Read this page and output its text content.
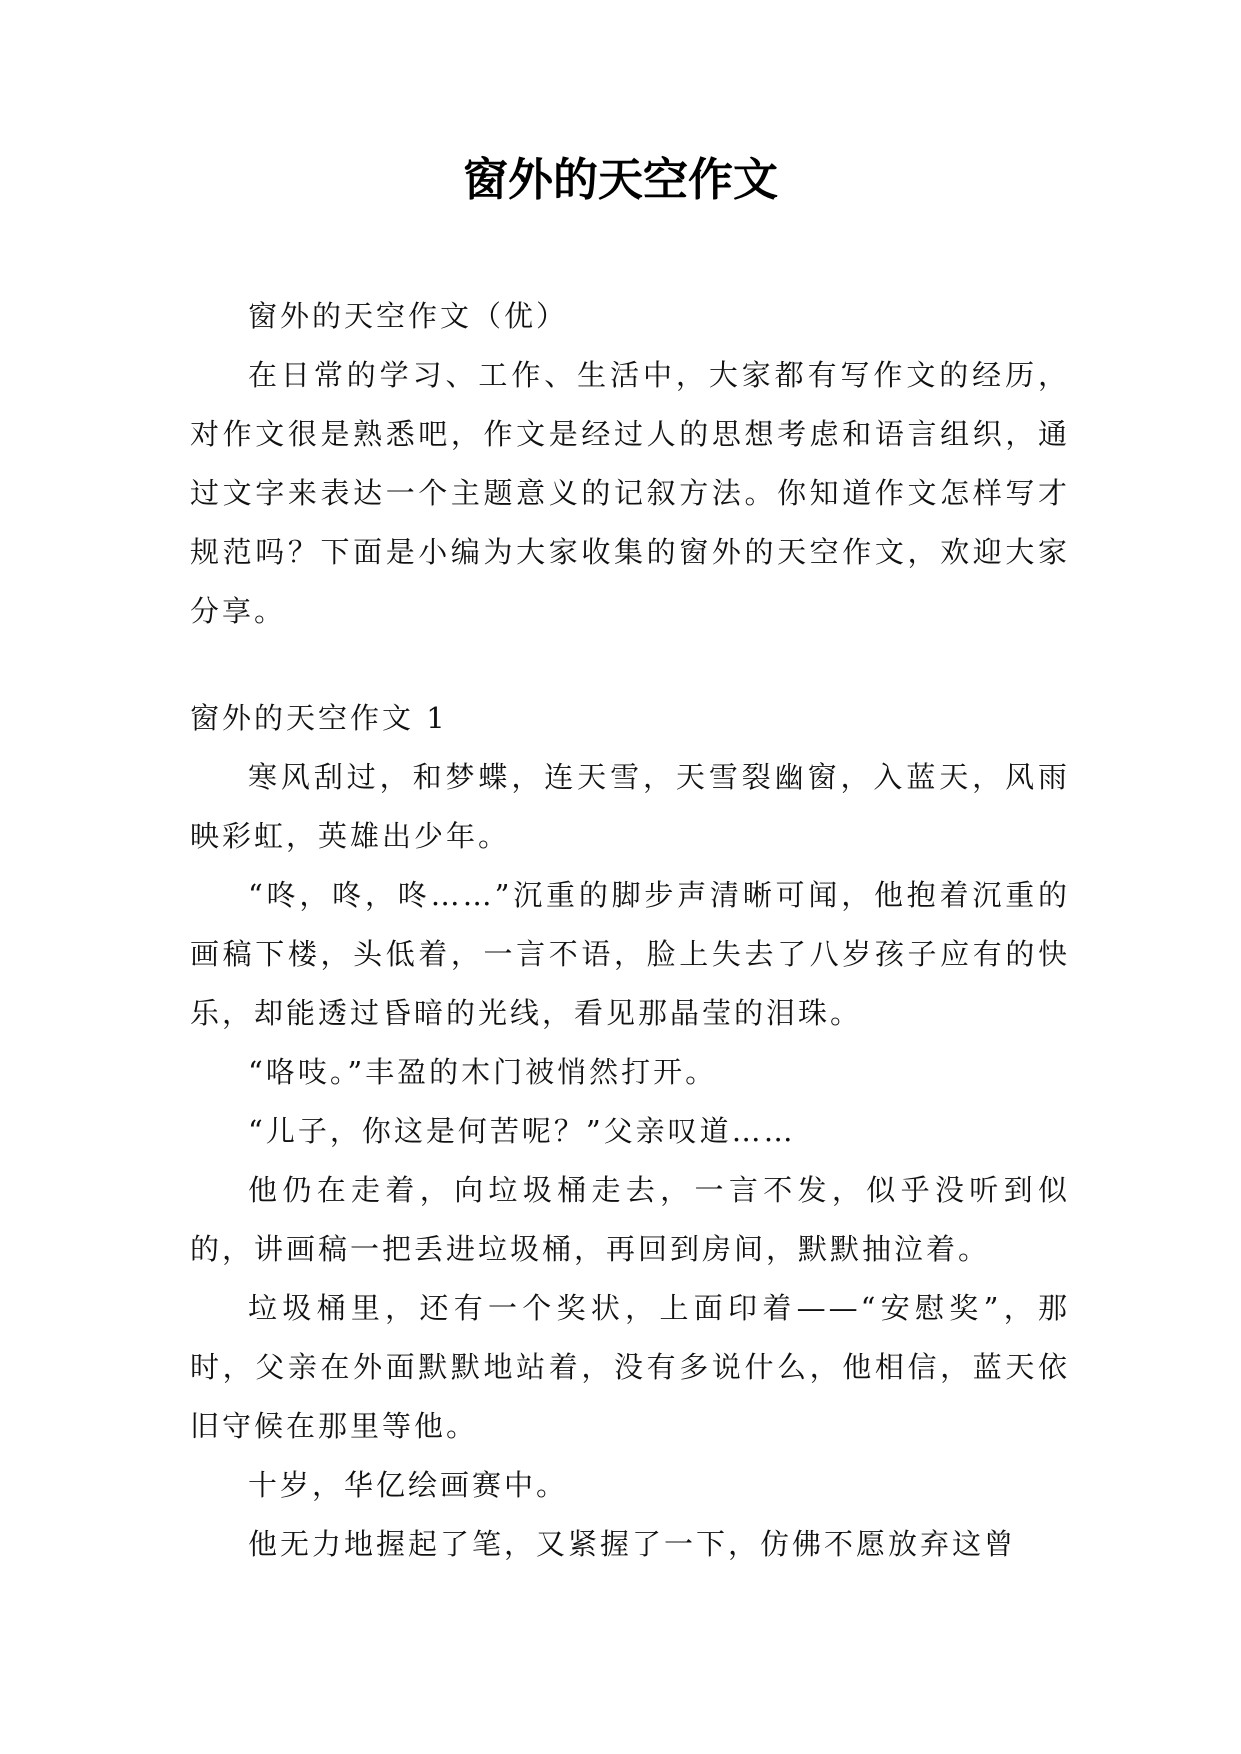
窗外的天空作文

窗外的天空作文（优）

在日常的学习、工作、生活中，大家都有写作文的经历，对作文很是熟悉吧，作文是经过人的思想考虑和语言组织，通过文字来表达一个主题意义的记叙方法。你知道作文怎样写才规范吗？下面是小编为大家收集的窗外的天空作文，欢迎大家分享。

窗外的天空作文 1

寒风刮过，和梦蝶，连天雪，天雪裂幽窗，入蓝天，风雨映彩虹，英雄出少年。

“咚，咚，咚……”沉重的脚步声清晰可闻，他抱着沉重的画稿下楼，头低着，一言不语，脸上失去了八岁孩子应有的快乐，却能透过昏暗的光线，看见那晶莹的泪珠。

“咯吱。”丰盈的木门被悄然打开。

“儿子，你这是何苦呢？”父亲叹道……

他仍在走着，向垃圾桶走去，一言不发，似乎没听到似的，讲画稿一把丢进垃圾桶，再回到房间，默默抽泣着。

垃圾桶里，还有一个奖状，上面印着——“安慰奖”，那时，父亲在外面默默地站着，没有多说什么，他相信，蓝天依旧守候在那里等他。

十岁，华亿绘画赛中。

他无力地握起了笔，又紧握了一下，仿佛不愿放弃这曾
